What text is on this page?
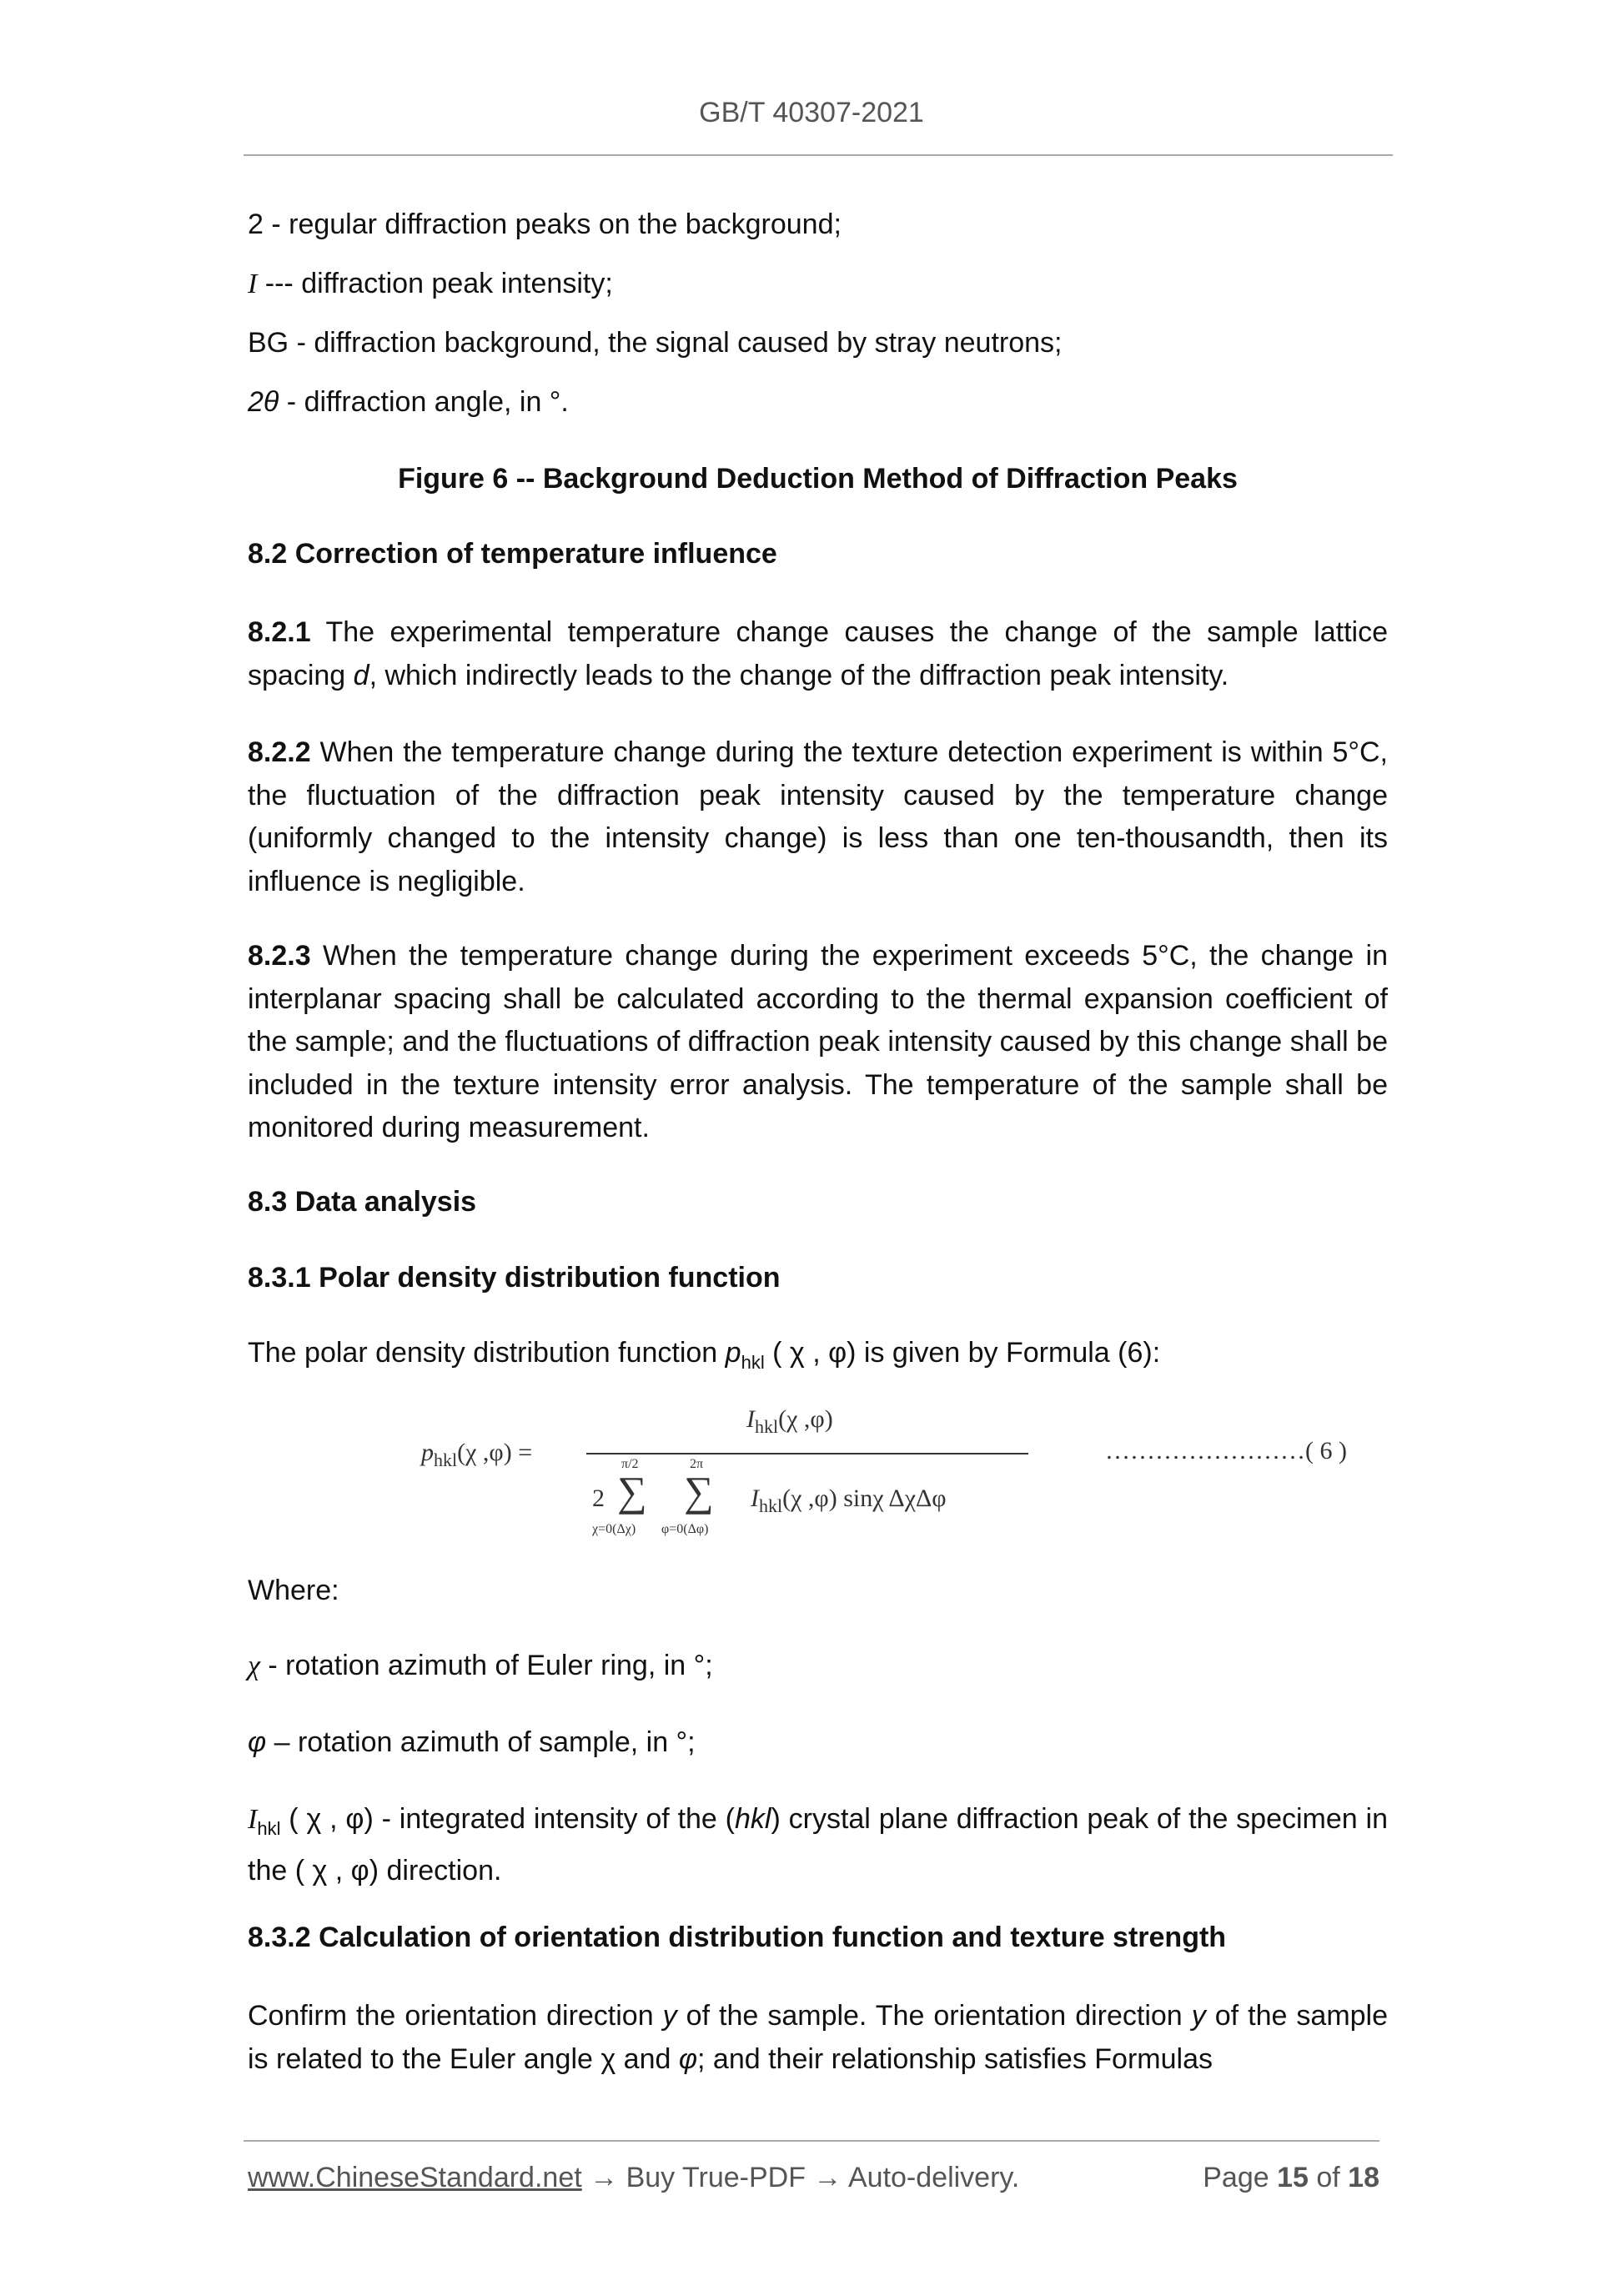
GB/T 40307-2021
2 - regular diffraction peaks on the background;
I --- diffraction peak intensity;
BG - diffraction background, the signal caused by stray neutrons;
2θ - diffraction angle, in °.
Figure 6 -- Background Deduction Method of Diffraction Peaks
8.2 Correction of temperature influence
8.2.1 The experimental temperature change causes the change of the sample lattice spacing d, which indirectly leads to the change of the diffraction peak intensity.
8.2.2 When the temperature change during the texture detection experiment is within 5°C, the fluctuation of the diffraction peak intensity caused by the temperature change (uniformly changed to the intensity change) is less than one ten-thousandth, then its influence is negligible.
8.2.3 When the temperature change during the experiment exceeds 5°C, the change in interplanar spacing shall be calculated according to the thermal expansion coefficient of the sample; and the fluctuations of diffraction peak intensity caused by this change shall be included in the texture intensity error analysis. The temperature of the sample shall be monitored during measurement.
8.3 Data analysis
8.3.1 Polar density distribution function
The polar density distribution function $p_{hkl}$ ( χ , φ) is given by Formula (6):
$p_{hkl}(\chi$ ,φ) =
$I_{hkl}(\chi$ ,φ)
2
π/2
∑
χ=0(Δχ)
2π
∑
φ=0(Δφ)
$I_{hkl}(\chi$ ,φ) sinχ ΔχΔφ
……………………( 6 )
Where:
χ - rotation azimuth of Euler ring, in °;
φ – rotation azimuth of sample, in °;
$I_{hkl}$ ( χ , φ) - integrated intensity of the (hkl) crystal plane diffraction peak of the specimen in the ( χ , φ) direction.
8.3.2 Calculation of orientation distribution function and texture strength
Confirm the orientation direction y of the sample. The orientation direction y of the sample is related to the Euler angle χ and φ; and their relationship satisfies Formulas
www.ChineseStandard.net → Buy True-PDF → Auto-delivery.	Page 15 of 18
